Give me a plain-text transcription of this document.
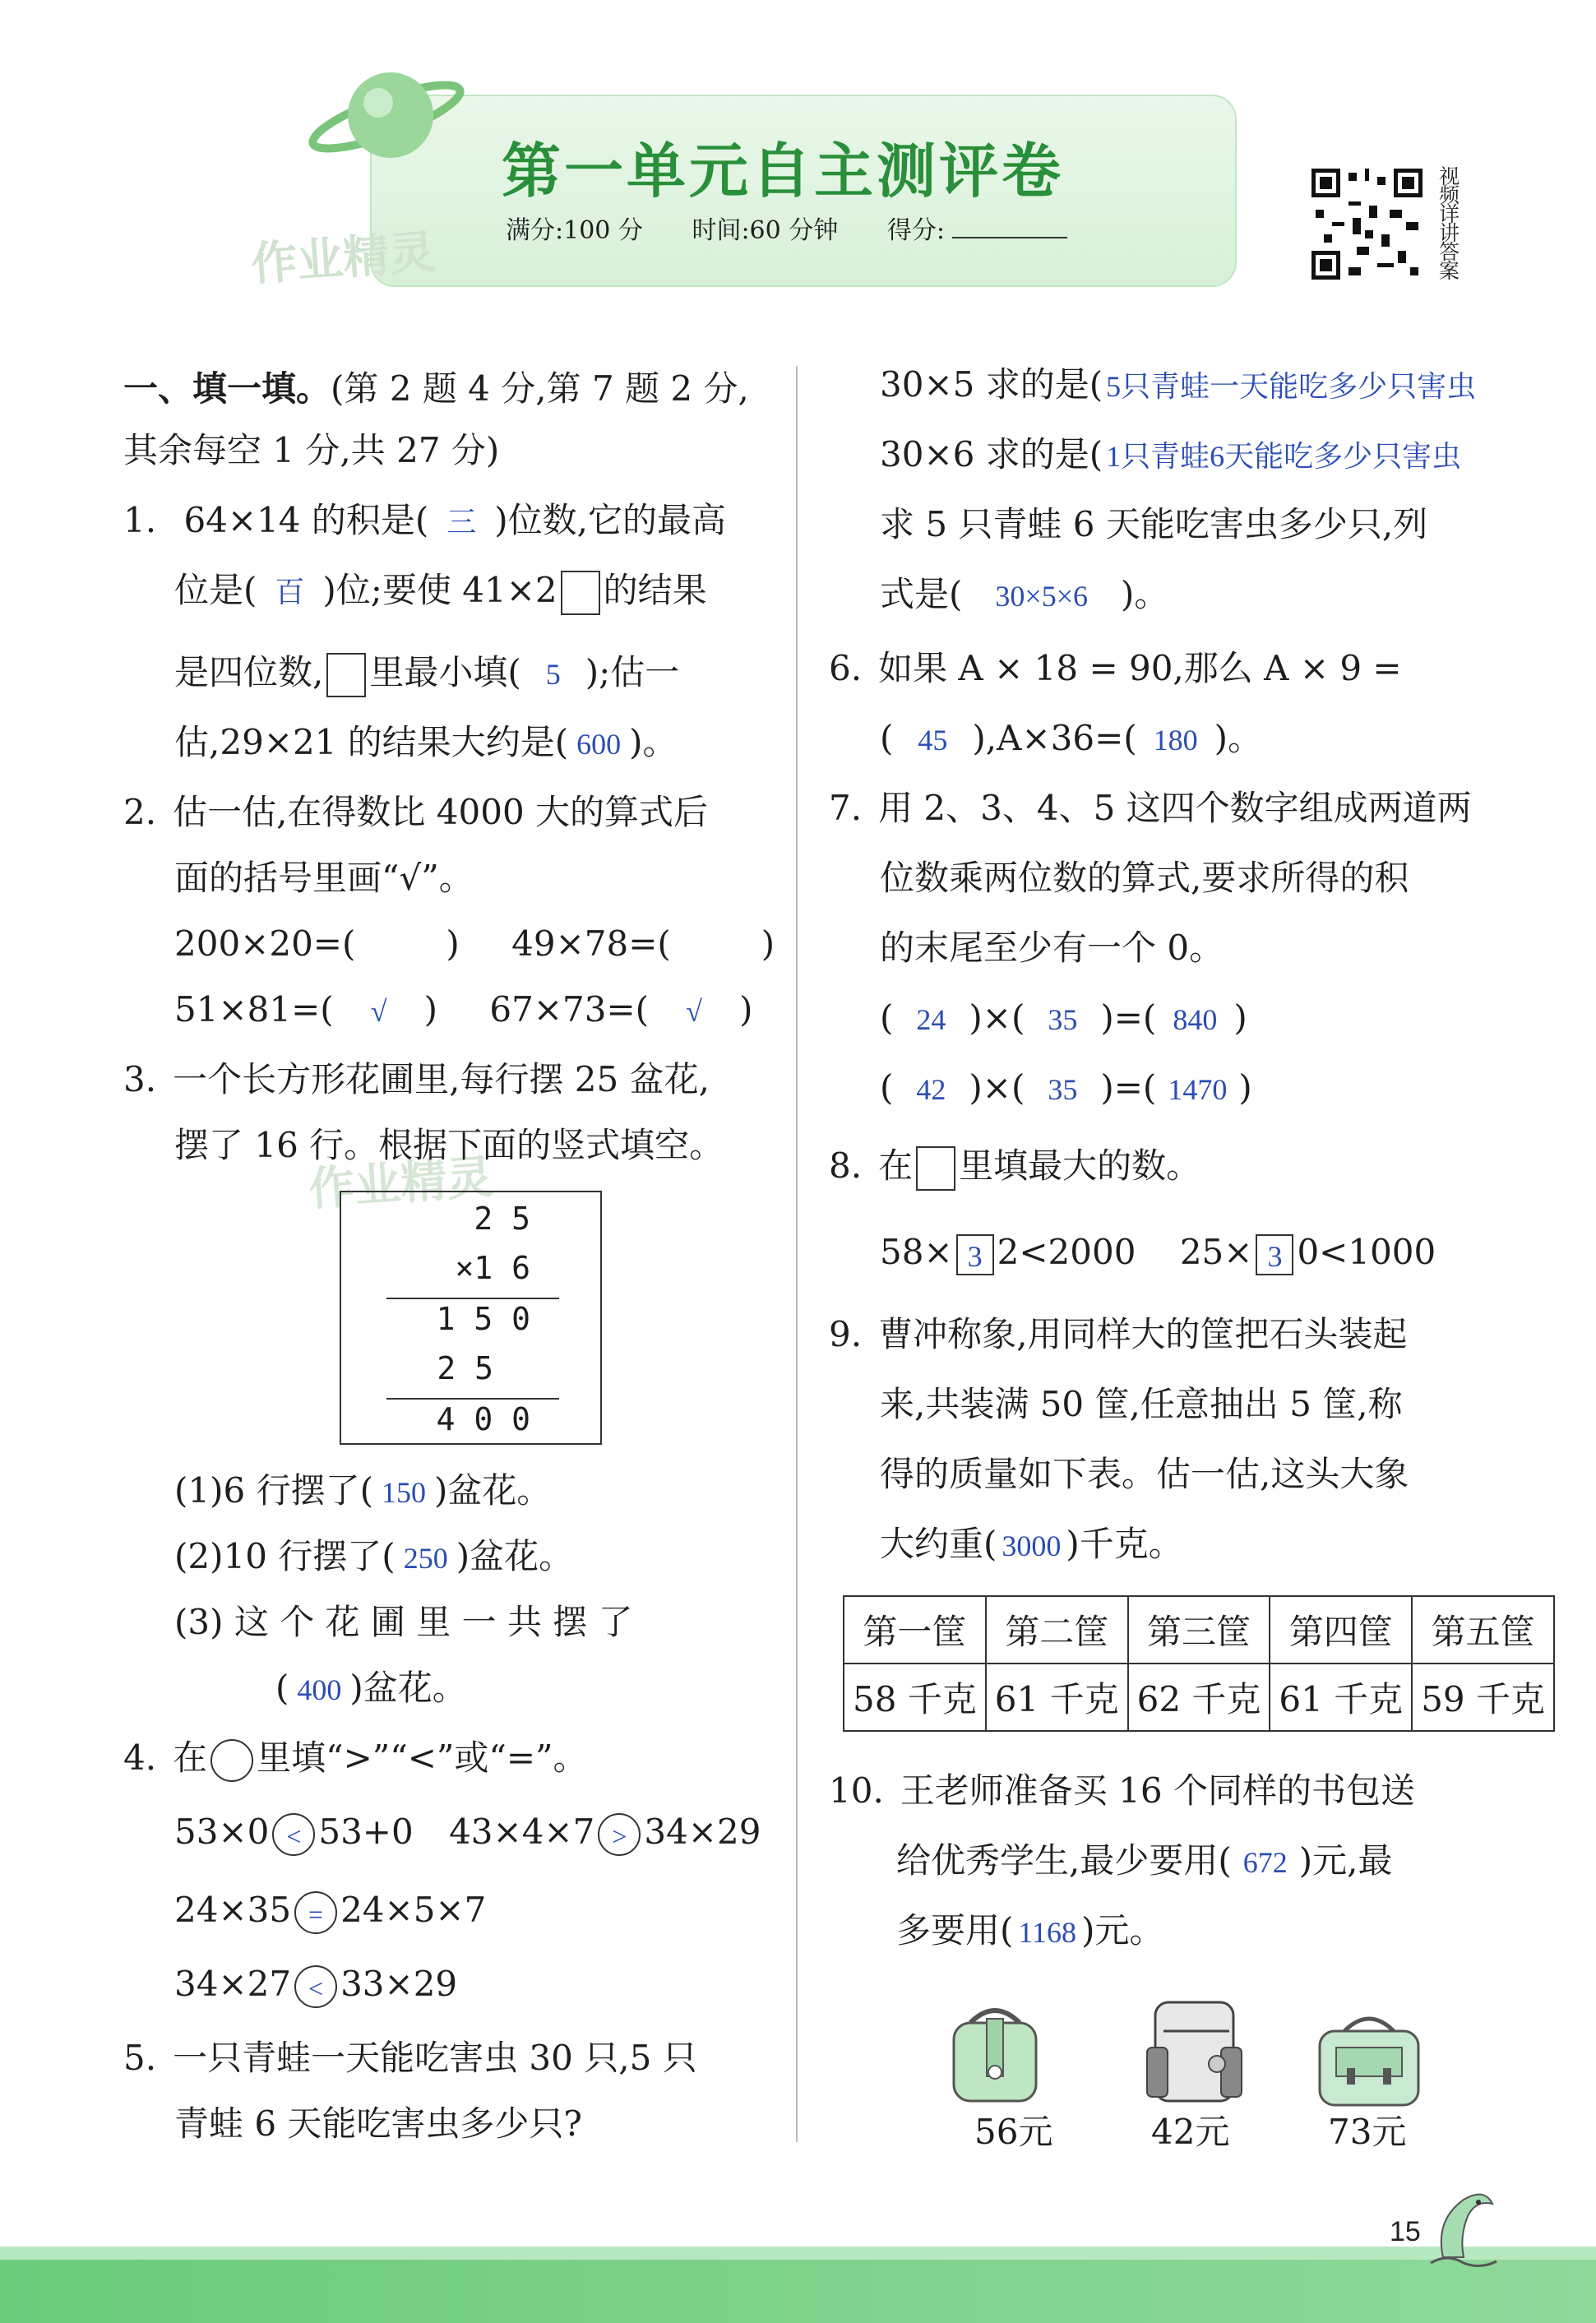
第一单元自主测评卷
满分:100 分 时间:60 分钟 得分:
视频详讲答案
作业精灵
作业精灵
一、填一填。(第 2 题 4 分,第 7 题 2 分,
其余每空 1 分,共 27 分)
1. 64×14 的积是( 三 )位数,它的最高
位是( 百 )位;要使 41×2 的结果
是四位数, 里最小填( 5 );估一
估,29×21 的结果大约是( 600 )。
2. 估一估,在得数比 4000 大的算式后
面的括号里画“√”。
200×20=(	) 49×78=(	)
51×81=( √ ) 67×73=( √ )
3. 一个长方形花圃里,每行摆 25 盆花,
摆了 16 行。根据下面的竖式填空。
2 5
×1 6
1 5 0
2 5
4 0 0
(1)6 行摆了( 150 )盆花。
(2)10 行摆了( 250 )盆花。
(3) 这 个 花 圃 里 一 共 摆 了
( 400 )盆花。
4. 在 里填“>”“<”或“=”。
53×0 < 53+0 43×4×7 > 34×29
24×35 = 24×5×7
34×27 < 33×29
5. 一只青蛙一天能吃害虫 30 只,5 只
青蛙 6 天能吃害虫多少只?
30×5 求的是( 5只青蛙一天能吃多少只害虫
30×6 求的是( 1只青蛙6天能吃多少只害虫
求 5 只青蛙 6 天能吃害虫多少只,列
式是( 30×5×6 )。
6. 如果 A × 18 = 90,那么 A × 9 =
( 45 ),A×36=( 180 )。
7. 用 2、3、4、5 这四个数字组成两道两
位数乘两位数的算式,要求所得的积
的末尾至少有一个 0。
( 24 )×( 35 )=( 840 )
( 42 )×( 35 )=( 1470 )
8. 在 里填最大的数。
58× 3 2<2000 25× 3 0<1000
9. 曹冲称象,用同样大的筐把石头装起
来,共装满 50 筐,任意抽出 5 筐,称
得的质量如下表。估一估,这头大象
大约重( 3000 )千克。
第一筐	第二筐	第三筐	第四筐	第五筐
58 千克	61 千克	62 千克	61 千克	59 千克
10. 王老师准备买 16 个同样的书包送
给优秀学生,最少要用( 672 )元,最
多要用( 1168 )元。
56元	42元	73元
15
